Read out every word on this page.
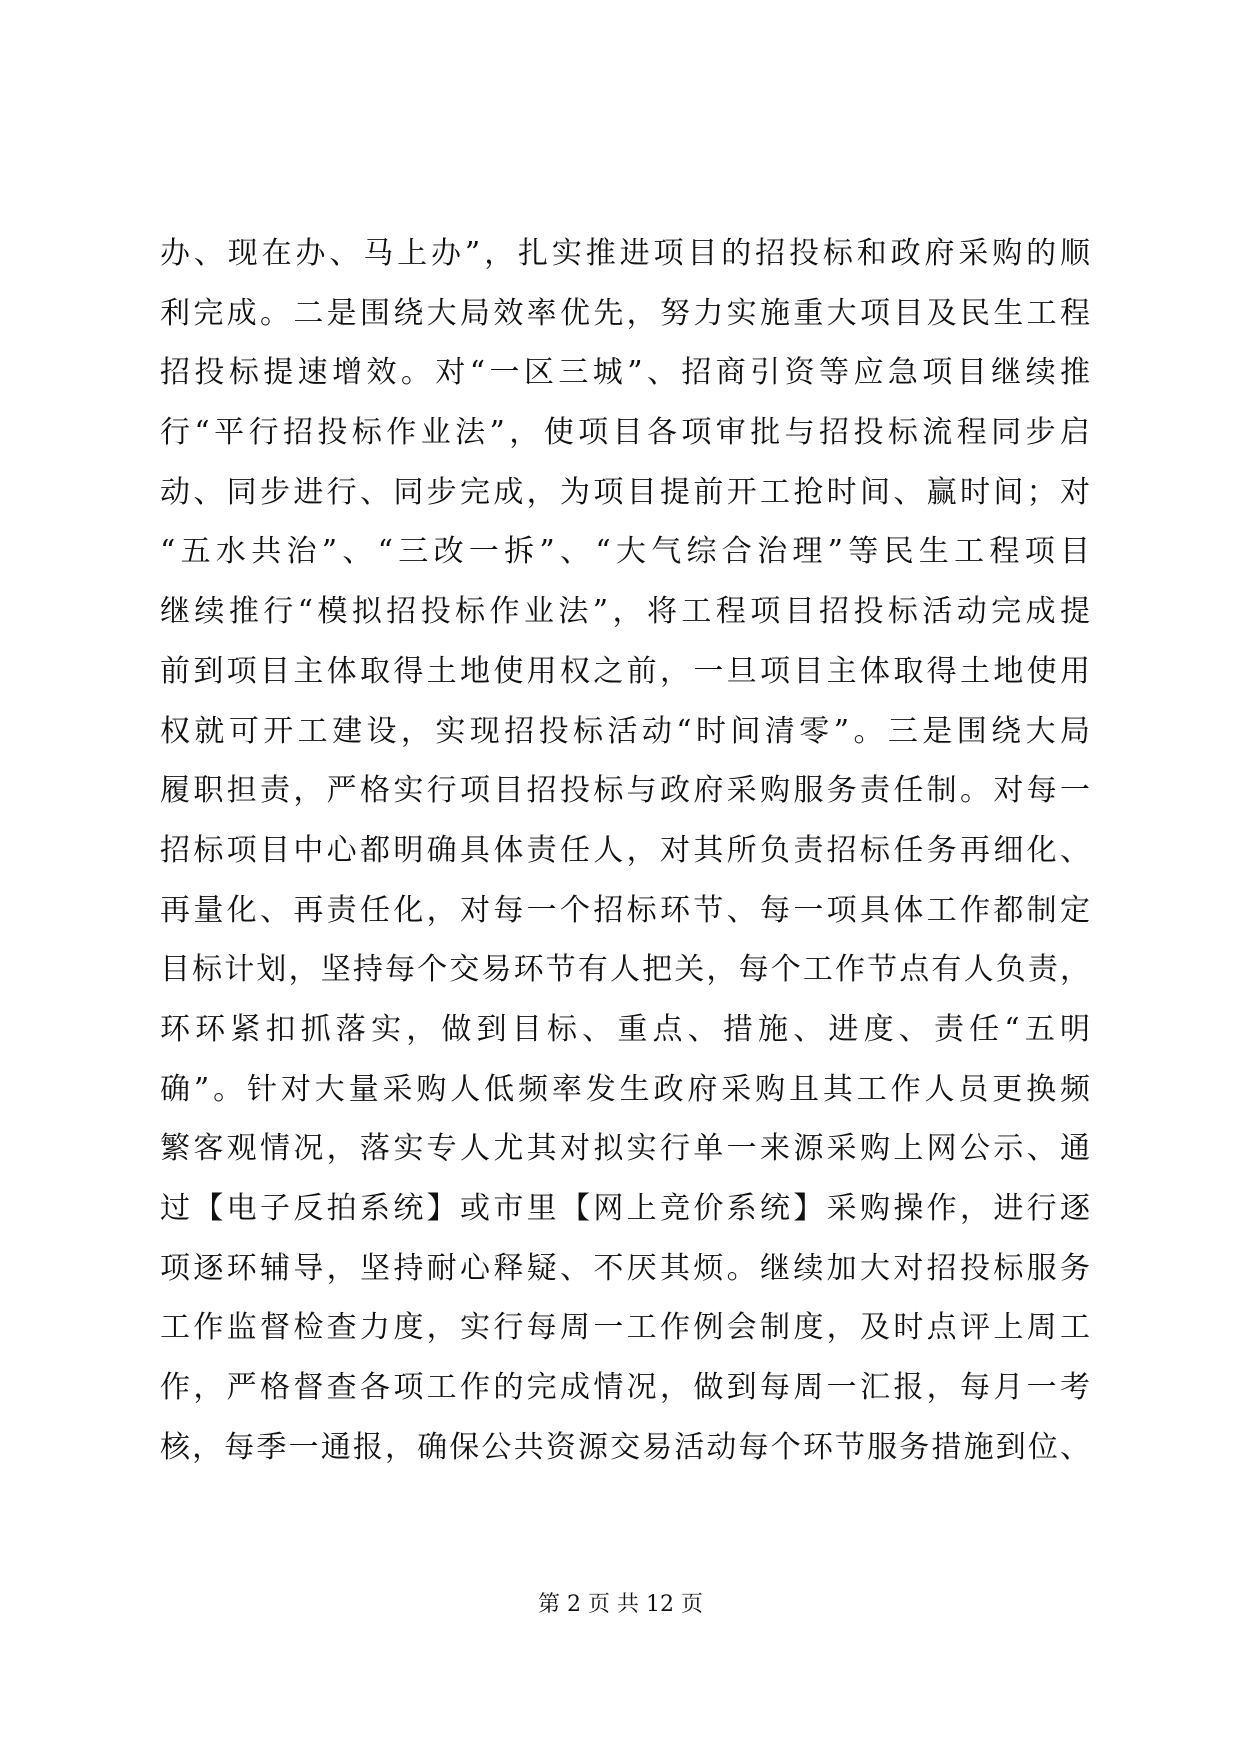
办、现在办、马上办”，扎实推进项目的招投标和政府采购的顺
利完成。二是围绕大局效率优先，努力实施重大项目及民生工程
招投标提速增效。对“一区三城”、招商引资等应急项目继续推
行“平行招投标作业法”，使项目各项审批与招投标流程同步启
动、同步进行、同步完成，为项目提前开工抢时间、赢时间；对
“五水共治”、“三改一拆”、“大气综合治理”等民生工程项目
继续推行“模拟招投标作业法”，将工程项目招投标活动完成提
前到项目主体取得土地使用权之前，一旦项目主体取得土地使用
权就可开工建设，实现招投标活动“时间清零”。三是围绕大局
履职担责，严格实行项目招投标与政府采购服务责任制。对每一
招标项目中心都明确具体责任人，对其所负责招标任务再细化、
再量化、再责任化，对每一个招标环节、每一项具体工作都制定
目标计划，坚持每个交易环节有人把关，每个工作节点有人负责，
环环紧扣抓落实，做到目标、重点、措施、进度、责任“五明
确”。针对大量采购人低频率发生政府采购且其工作人员更换频
繁客观情况，落实专人尤其对拟实行单一来源采购上网公示、通
过【电子反拍系统】或市里【网上竞价系统】采购操作，进行逐
项逐环辅导，坚持耐心释疑、不厌其烦。继续加大对招投标服务
工作监督检查力度，实行每周一工作例会制度，及时点评上周工
作，严格督查各项工作的完成情况，做到每周一汇报，每月一考
核，每季一通报，确保公共资源交易活动每个环节服务措施到位、
第 2 页 共 12 页
